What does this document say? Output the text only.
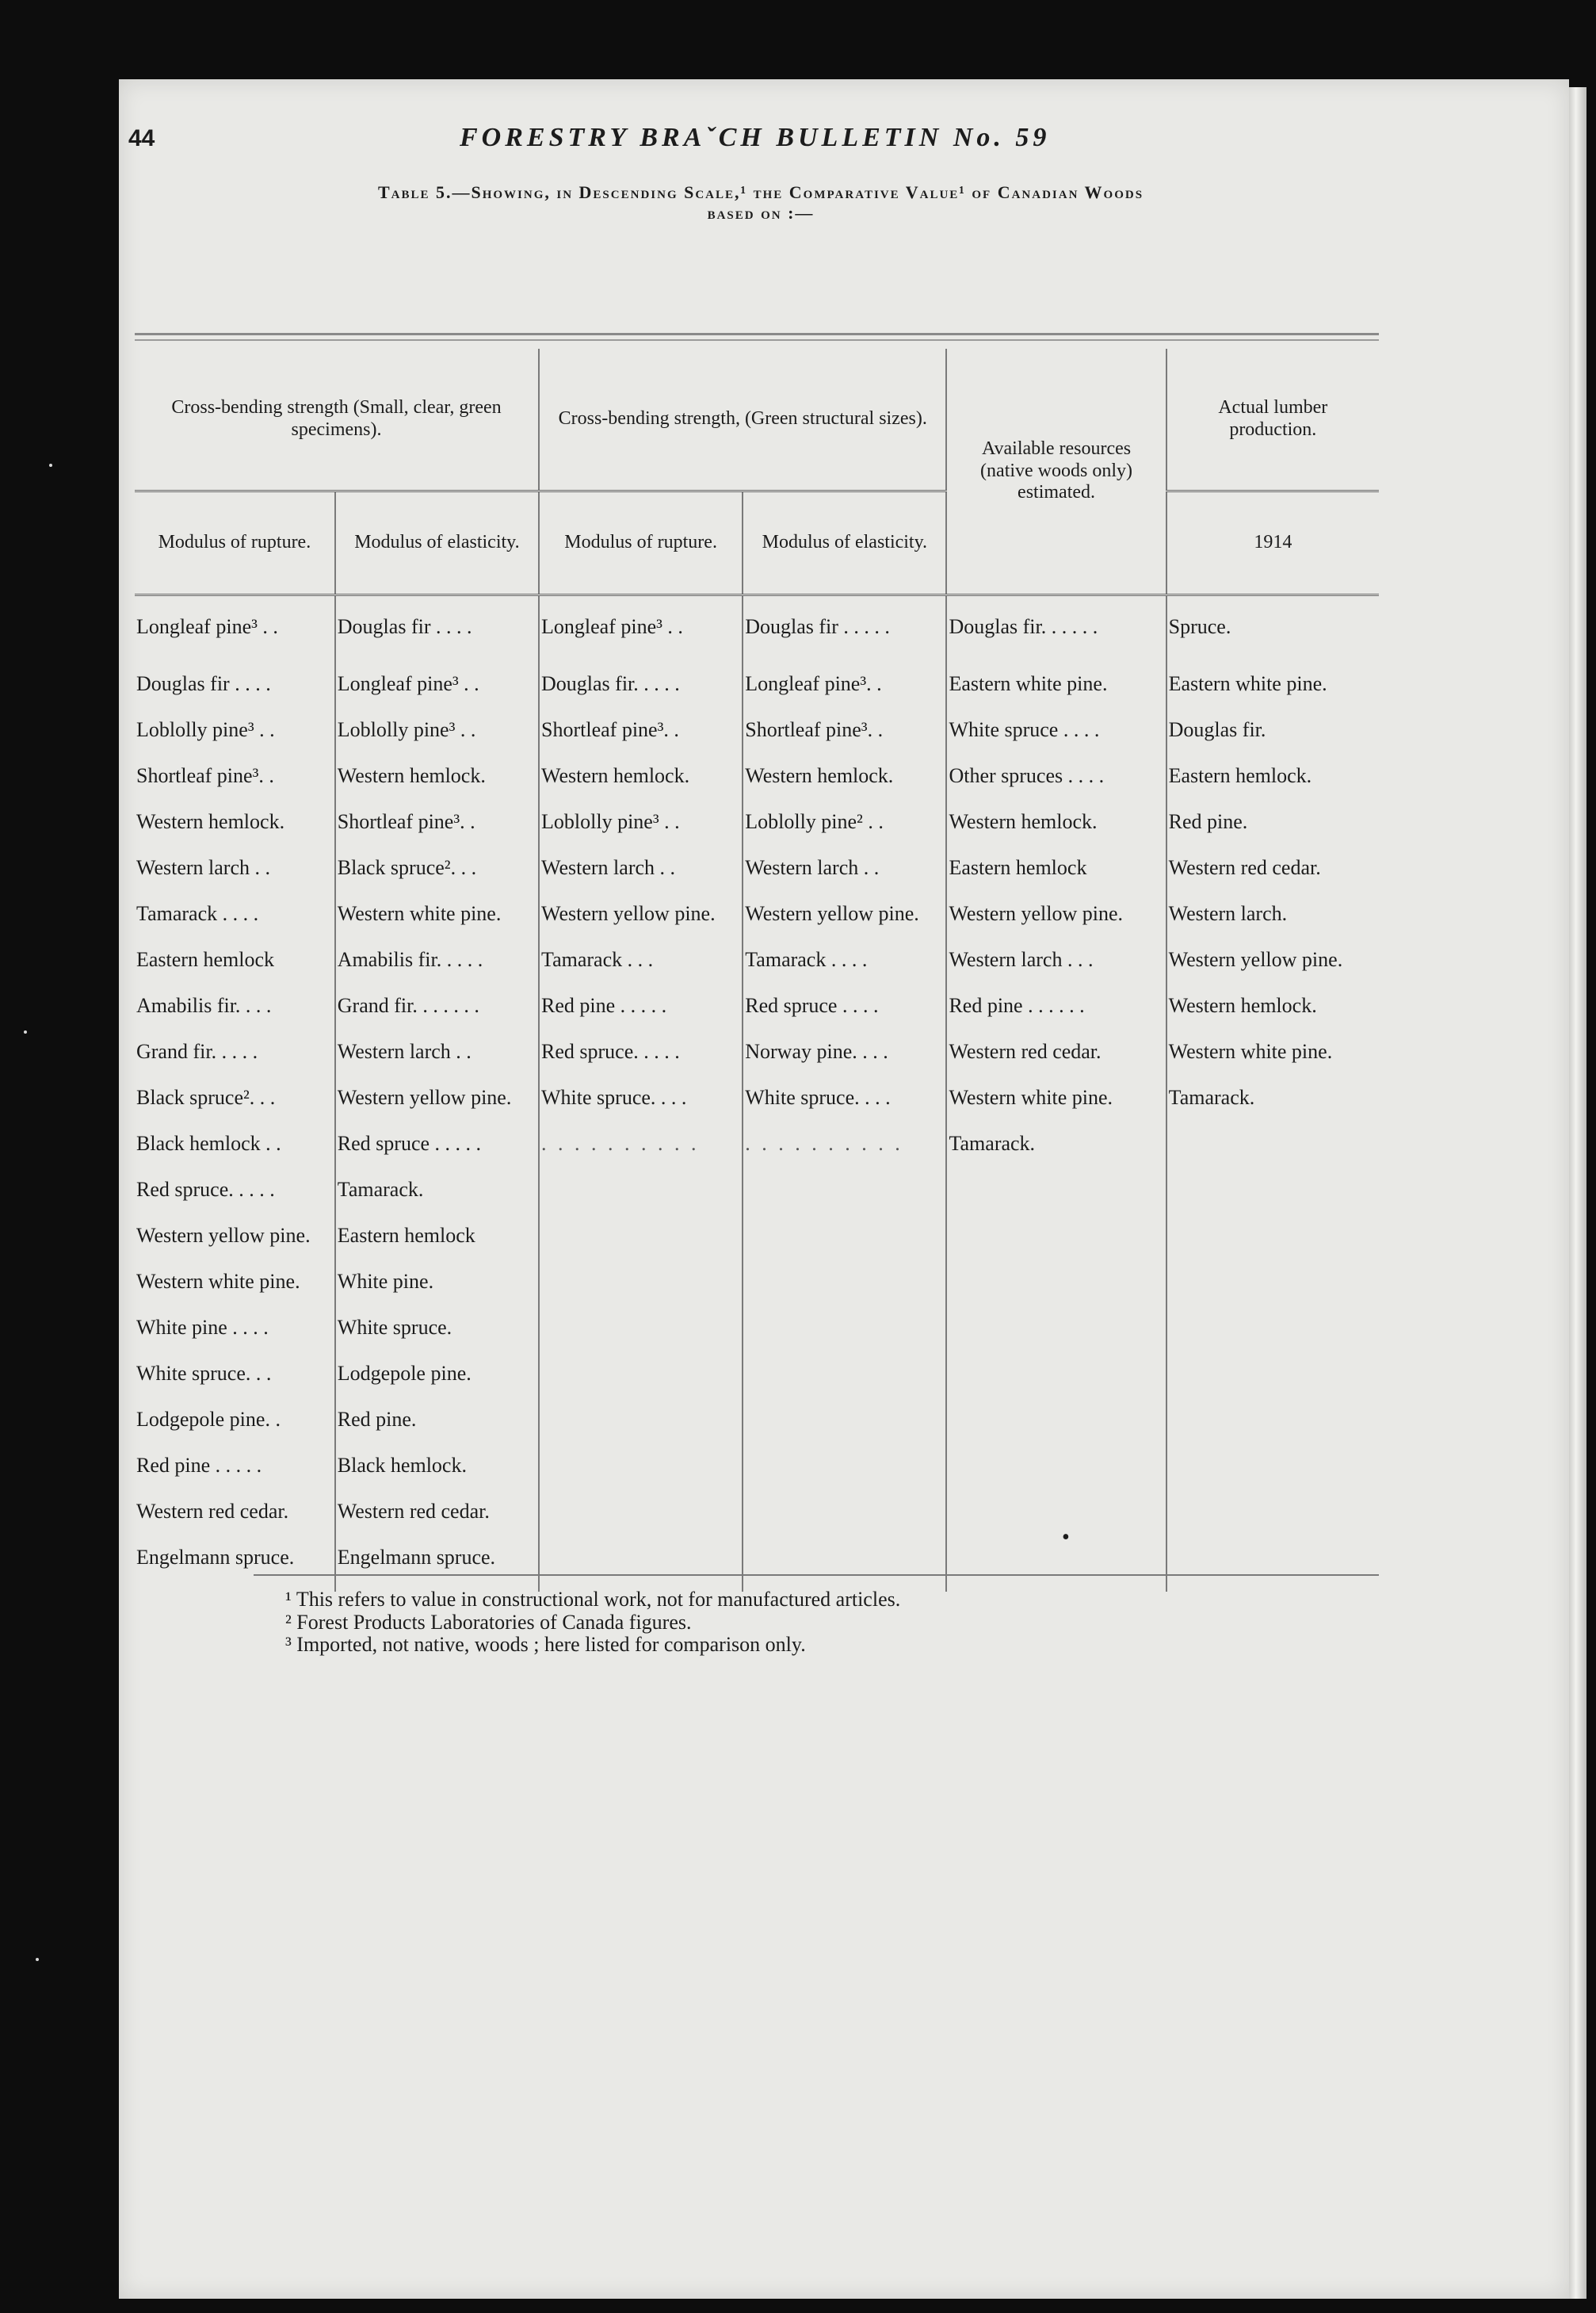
44	FORESTRY BRAˇCH BULLETIN No. 59
Table 5.—Showing, in Descending Scale,¹ the Comparative Value¹ of Canadian Woods
based on :—
Cross-bending strength (Small, clear, green specimens).		Cross-bending strength, (Green structural sizes).		Available resources (native woods only) estimated.	Actual lumber production.
Modulus of rupture.	Modulus of elasticity.	Modulus of rupture.	Modulus of elasticity.		1914
Longleaf pine³ . .	Douglas fir . . . .	Longleaf pine³ . .	Douglas fir . . . . .	Douglas fir. . . . . .	Spruce.
Douglas fir . . . .	Longleaf pine³ . .	Douglas fir. . . . .	Longleaf pine³. .	Eastern white pine.	Eastern white pine.
Loblolly pine³ . .	Loblolly pine³ . .	Shortleaf pine³. .	Shortleaf pine³. .	White spruce . . . .	Douglas fir.
Shortleaf pine³. .	Western hemlock.	Western hemlock.	Western hemlock.	Other spruces . . . .	Eastern hemlock.
Western hemlock.	Shortleaf pine³. .	Loblolly pine³ . .	Loblolly pine² . .	Western hemlock.	Red pine.
Western larch . .	Black spruce². . .	Western larch . .	Western larch . .	Eastern hemlock	Western red cedar.
Tamarack . . . .	Western white pine.	Western yellow pine.	Western yellow pine.	Western yellow pine.	Western larch.
Eastern hemlock	Amabilis fir. . . . .	Tamarack . . .	Tamarack . . . .	Western larch . . .	Western yellow pine.
Amabilis fir. . . .	Grand fir. . . . . . .	Red pine . . . . .	Red spruce . . . .	Red pine . . . . . .	Western hemlock.
Grand fir. . . . .	Western larch . .	Red spruce. . . . .	Norway pine. . . .	Western red cedar.	Western white pine.
Black spruce². . .	Western yellow pine.	White spruce. . . .	White spruce. . . .	Western white pine.	Tamarack.
Black hemlock . .	Red spruce . . . . .	. . . . . . . . . .	. . . . . . . . . .	Tamarack.	
Red spruce. . . . .	Tamarack.				
Western yellow pine.	Eastern hemlock				
Western white pine.	White pine.				
White pine . . . .	White spruce.				
White spruce. . .	Lodgepole pine.				
Lodgepole pine. .	Red pine.				
Red pine . . . . .	Black hemlock.				
Western red cedar.	Western red cedar.				
Engelmann spruce.	Engelmann spruce.				
•

¹ This refers to value in constructional work, not for manufactured articles.

² Forest Products Laboratories of Canada figures.

³ Imported, not native, woods ; here listed for comparison only.
